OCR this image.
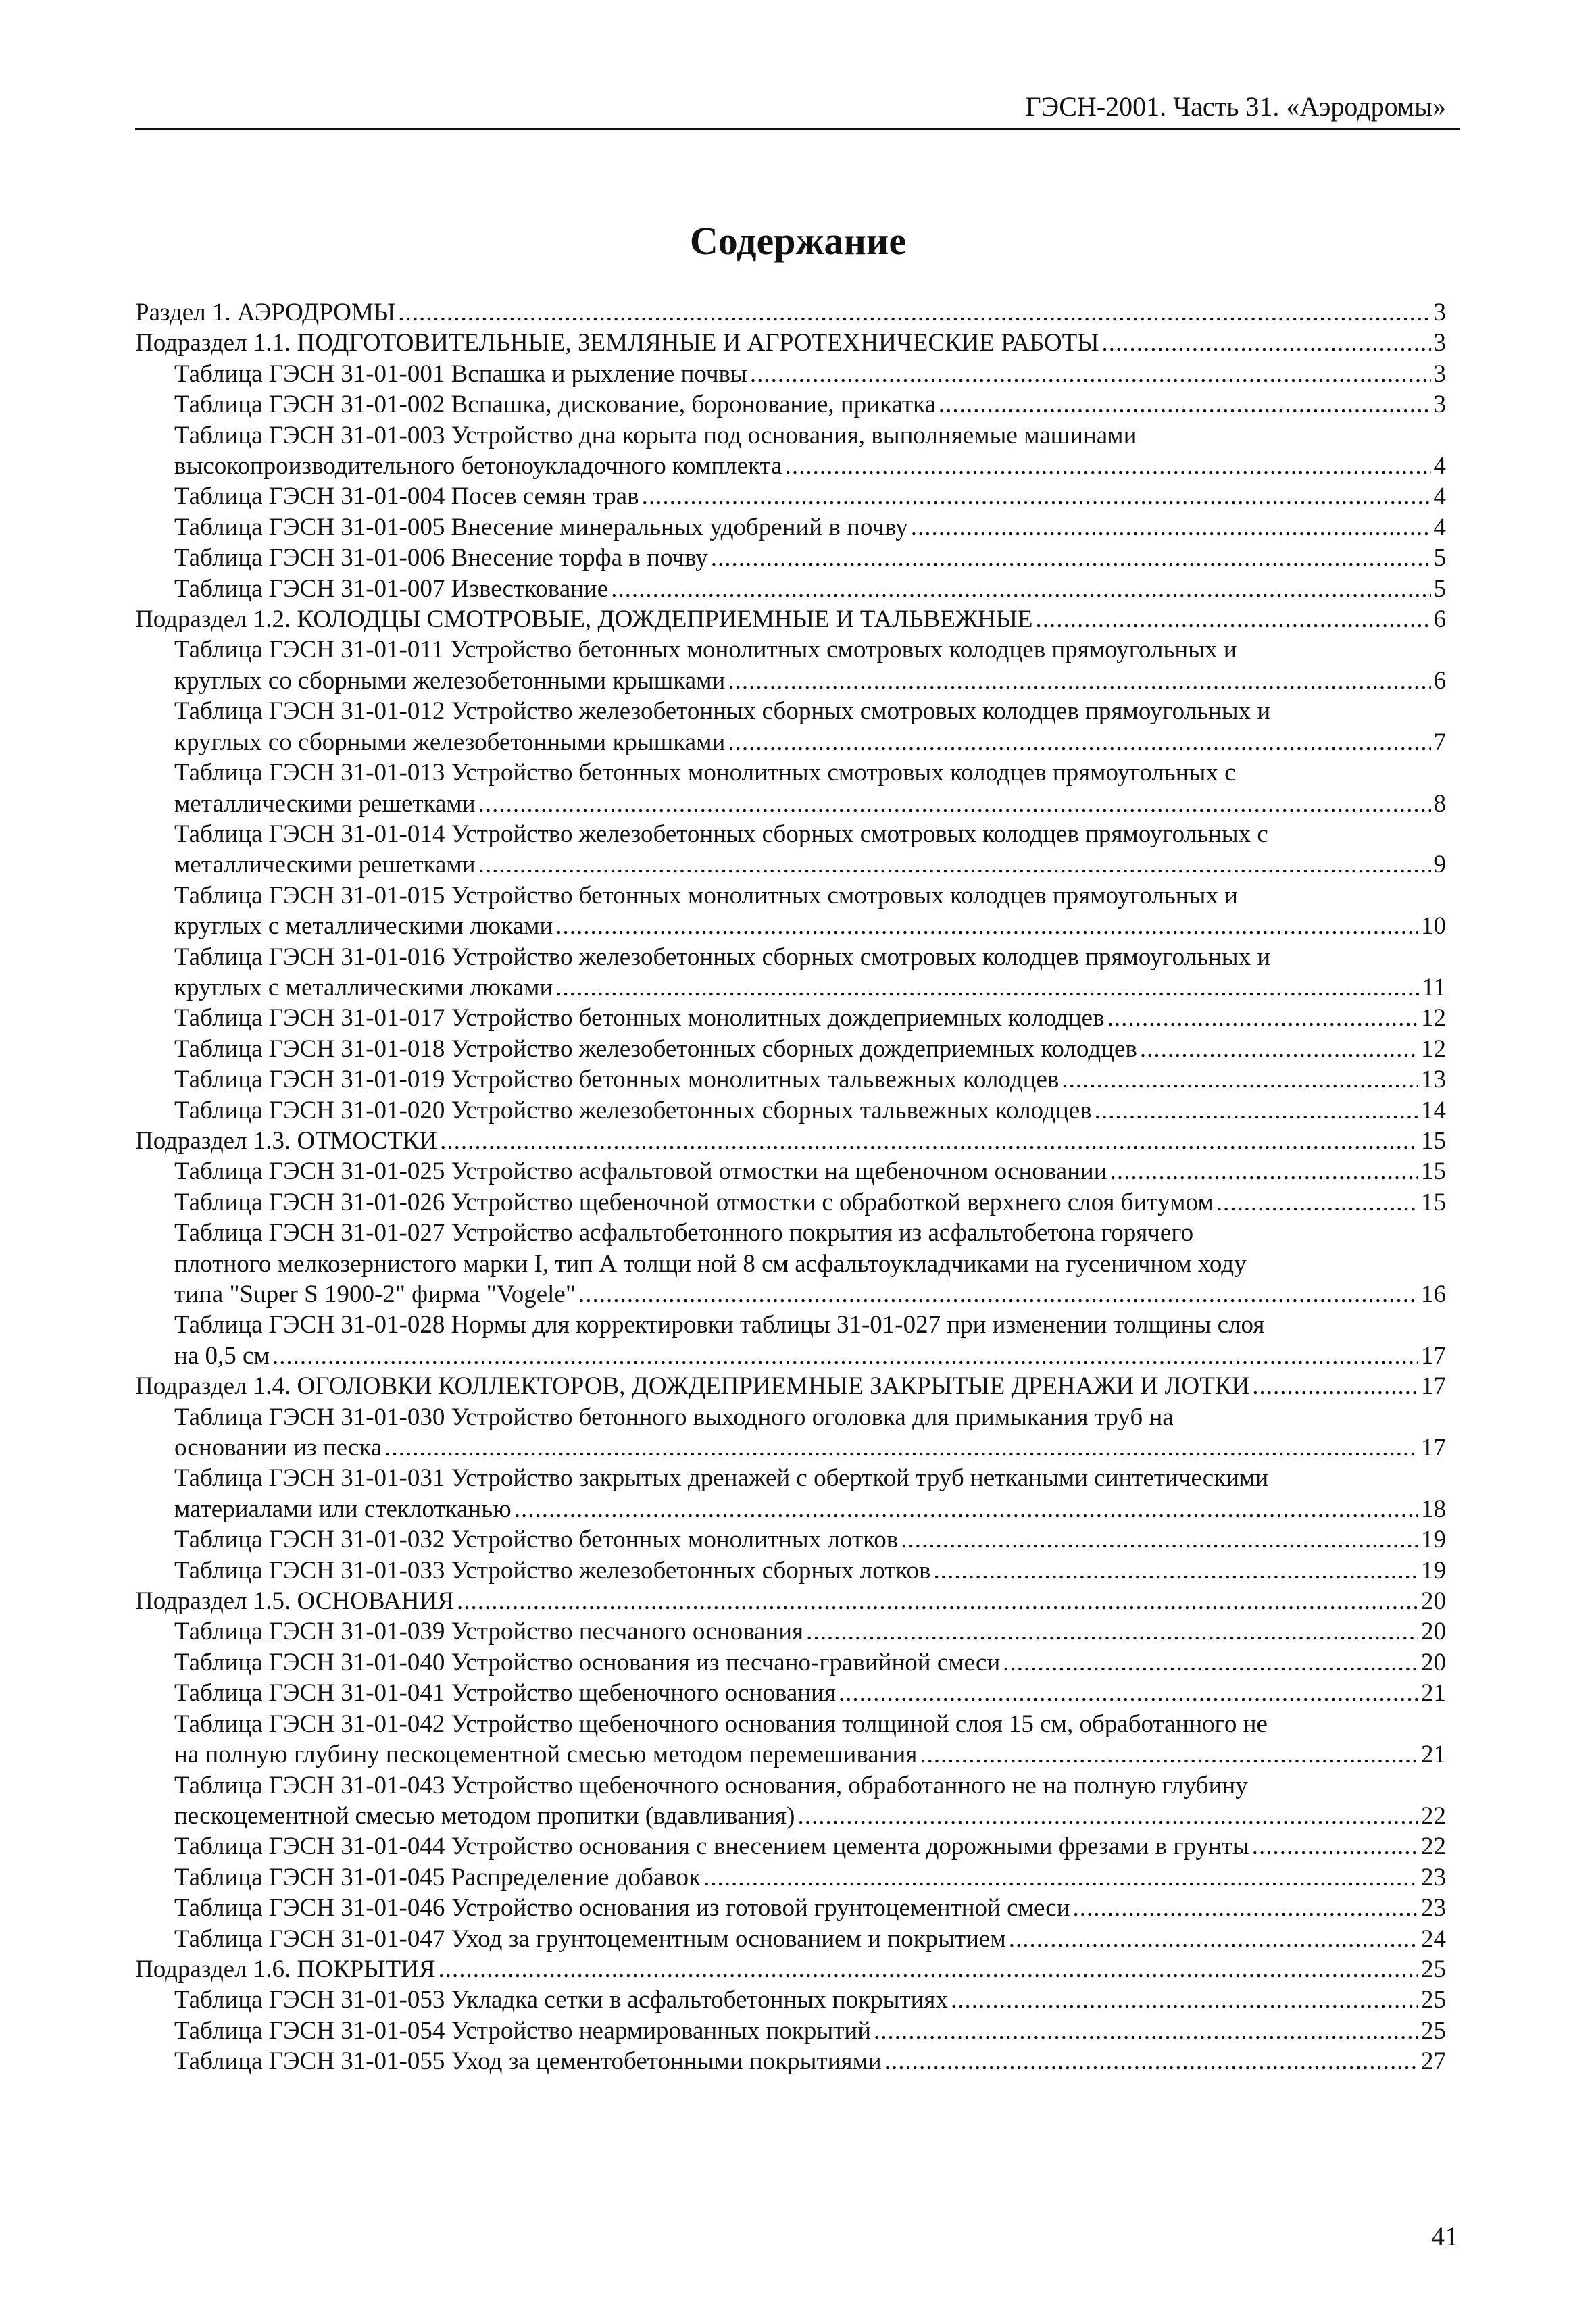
ГЭСН-2001. Часть 31. «Аэродромы»
Содержание
Раздел 1. АЭРОДРОМЫ .....	3
Подраздел 1.1. ПОДГОТОВИТЕЛЬНЫЕ, ЗЕМЛЯНЫЕ И АГРОТЕХНИЧЕСКИЕ РАБОТЫ .....	3
Таблица ГЭСН 31-01-001 Вспашка и рыхление почвы .....	3
Таблица ГЭСН 31-01-002 Вспашка, дискование, боронование, прикатка .....	3
Таблица ГЭСН 31-01-003 Устройство дна корыта под основания, выполняемые машинами
высокопроизводительного бетоноукладочного комплекта .....	4
Таблица ГЭСН 31-01-004 Посев семян трав .....	4
Таблица ГЭСН 31-01-005 Внесение минеральных удобрений в почву .....	4
Таблица ГЭСН 31-01-006 Внесение торфа в почву .....	5
Таблица ГЭСН 31-01-007 Известкование .....	5
Подраздел 1.2. КОЛОДЦЫ СМОТРОВЫЕ, ДОЖДЕПРИЕМНЫЕ И ТАЛЬВЕЖНЫЕ .....	6
Таблица ГЭСН 31-01-011 Устройство бетонных монолитных смотровых колодцев прямоугольных и
круглых со сборными железобетонными крышками .....	6
Таблица ГЭСН 31-01-012 Устройство железобетонных сборных смотровых колодцев прямоугольных и
круглых со сборными железобетонными крышками .....	7
Таблица ГЭСН 31-01-013 Устройство бетонных монолитных смотровых колодцев прямоугольных с
металлическими решетками .....	8
Таблица ГЭСН 31-01-014 Устройство железобетонных сборных смотровых колодцев прямоугольных с
металлическими решетками .....	9
Таблица ГЭСН 31-01-015 Устройство бетонных монолитных смотровых колодцев прямоугольных и
круглых с металлическими люками .....	10
Таблица ГЭСН 31-01-016 Устройство железобетонных сборных смотровых колодцев прямоугольных и
круглых с металлическими люками .....	11
Таблица ГЭСН 31-01-017 Устройство бетонных монолитных дождеприемных колодцев .....	12
Таблица ГЭСН 31-01-018 Устройство железобетонных сборных дождеприемных колодцев .....	12
Таблица ГЭСН 31-01-019 Устройство бетонных монолитных тальвежных колодцев .....	13
Таблица ГЭСН 31-01-020 Устройство железобетонных сборных тальвежных колодцев .....	14
Подраздел 1.3. ОТМОСТКИ .....	15
Таблица ГЭСН 31-01-025 Устройство асфальтовой отмостки на щебеночном основании .....	15
Таблица ГЭСН 31-01-026 Устройство щебеночной отмостки с обработкой верхнего слоя битумом .....	15
Таблица ГЭСН 31-01-027 Устройство асфальтобетонного покрытия из асфальтобетона горячего
плотного мелкозернистого марки I, тип А толщи ной 8 см асфальтоукладчиками на гусеничном ходу
типа "Super S 1900-2" фирма "Vogele" .....	16
Таблица ГЭСН 31-01-028 Нормы для корректировки таблицы 31-01-027 при изменении толщины слоя
на 0,5 см .....	17
Подраздел 1.4. ОГОЛОВКИ КОЛЛЕКТОРОВ, ДОЖДЕПРИЕМНЫЕ ЗАКРЫТЫЕ ДРЕНАЖИ И ЛОТКИ .....	17
Таблица ГЭСН 31-01-030 Устройство бетонного выходного оголовка для примыкания труб на
основании из песка .....	17
Таблица ГЭСН 31-01-031 Устройство закрытых дренажей с оберткой труб неткаными синтетическими
материалами или стеклотканью .....	18
Таблица ГЭСН 31-01-032 Устройство бетонных монолитных лотков .....	19
Таблица ГЭСН 31-01-033 Устройство железобетонных сборных лотков .....	19
Подраздел 1.5. ОСНОВАНИЯ .....	20
Таблица ГЭСН 31-01-039 Устройство песчаного основания .....	20
Таблица ГЭСН 31-01-040 Устройство основания из песчано-гравийной смеси .....	20
Таблица ГЭСН 31-01-041 Устройство щебеночного основания .....	21
Таблица ГЭСН 31-01-042 Устройство щебеночного основания толщиной слоя 15 см, обработанного не
на полную глубину пескоцементной смесью методом перемешивания .....	21
Таблица ГЭСН 31-01-043 Устройство щебеночного основания, обработанного не на полную глубину
пескоцементной смесью методом пропитки (вдавливания) .....	22
Таблица ГЭСН 31-01-044 Устройство основания с внесением цемента дорожными фрезами в грунты .....	22
Таблица ГЭСН 31-01-045 Распределение добавок .....	23
Таблица ГЭСН 31-01-046 Устройство основания из готовой грунтоцементной смеси .....	23
Таблица ГЭСН 31-01-047 Уход за грунтоцементным основанием и покрытием .....	24
Подраздел 1.6. ПОКРЫТИЯ .....	25
Таблица ГЭСН 31-01-053 Укладка сетки в асфальтобетонных покрытиях .....	25
Таблица ГЭСН 31-01-054 Устройство неармированных покрытий .....	25
Таблица ГЭСН 31-01-055 Уход за цементобетонными покрытиями .....	27
41
